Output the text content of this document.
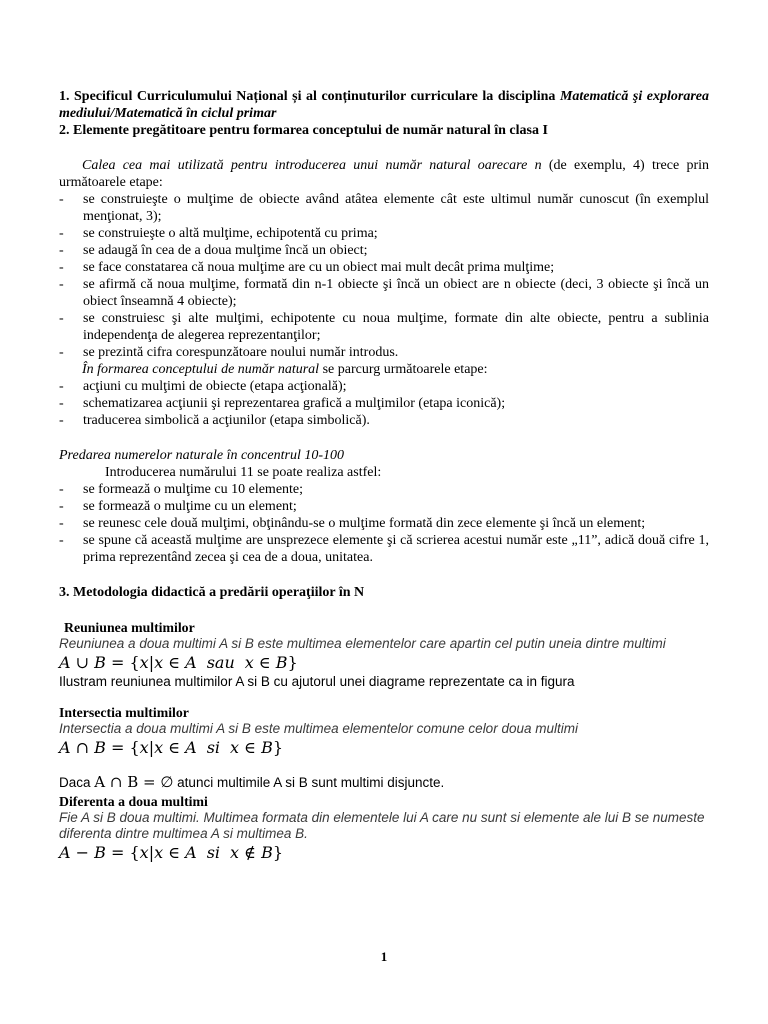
1. Specificul Curriculumului Național și al conținuturilor curriculare la disciplina Matematică şi explorarea mediului/Matematică în ciclul primar
2. Elemente pregătitoare pentru formarea conceptului de număr natural în clasa I
Calea cea mai utilizată pentru introducerea unui număr natural oarecare n (de exemplu, 4) trece prin următoarele etape:
- se construieşte o mulţime de obiecte având atâtea elemente cât este ultimul număr cunoscut (în exemplul menţionat, 3);
- se construieşte o altă mulţime, echipotentă cu prima;
- se adaugă în cea de a doua mulţime încă un obiect;
- se face constatarea că noua mulţime are cu un obiect mai mult decât prima mulţime;
- se afirmă că noua mulţime, formată din n-1 obiecte şi încă un obiect are n obiecte (deci, 3 obiecte şi încă un obiect înseamnă 4 obiecte);
- se construiesc şi alte mulţimi, echipotente cu noua mulţime, formate din alte obiecte, pentru a sublinia independenţa de alegerea reprezentanţilor;
- se prezintă cifra corespunzătoare noului număr introdus.
În formarea conceptului de număr natural se parcurg următoarele etape:
- acţiuni cu mulţimi de obiecte (etapa acţională);
- schematizarea acţiunii şi reprezentarea grafică a mulţimilor (etapa iconică);
- traducerea simbolică a acţiunilor (etapa simbolică).
Predarea numerelor naturale în concentrul 10-100
Introducerea numărului 11 se poate realiza astfel:
- se formează o mulţime cu 10 elemente;
- se formează o mulţime cu un element;
- se reunesc cele două mulţimi, obţinându-se o mulţime formată din zece elemente şi încă un element;
- se spune că această mulţime are unsprezece elemente şi că scrierea acestui număr este „11”, adică două cifre 1, prima reprezentând zecea şi cea de a doua, unitatea.
3. Metodologia didactică a predării operaţiilor în N
Reuniunea multimilor
Reuniunea a doua multimi A si B este multimea elementelor care apartin cel putin uneia dintre multimi
A ∪ B = {x|x ∈ A sau x ∈ B}
Ilustram reuniunea multimilor A si B cu ajutorul unei diagrame reprezentate ca in figura
Intersectia multimilor
Intersectia a doua multimi A si B este multimea elementelor comune celor doua multimi
A ∩ B = {x|x ∈ A si x ∈ B}
Daca A ∩ B = ∅ atunci multimile A si B sunt multimi disjuncte.
Diferenta a doua multimi
Fie A si B doua multimi. Multimea formata din elementele lui A care nu sunt si elemente ale lui B se numeste diferenta dintre multimea A si multimea B.
A − B = {x|x ∈ A si x ∉ B}
1
